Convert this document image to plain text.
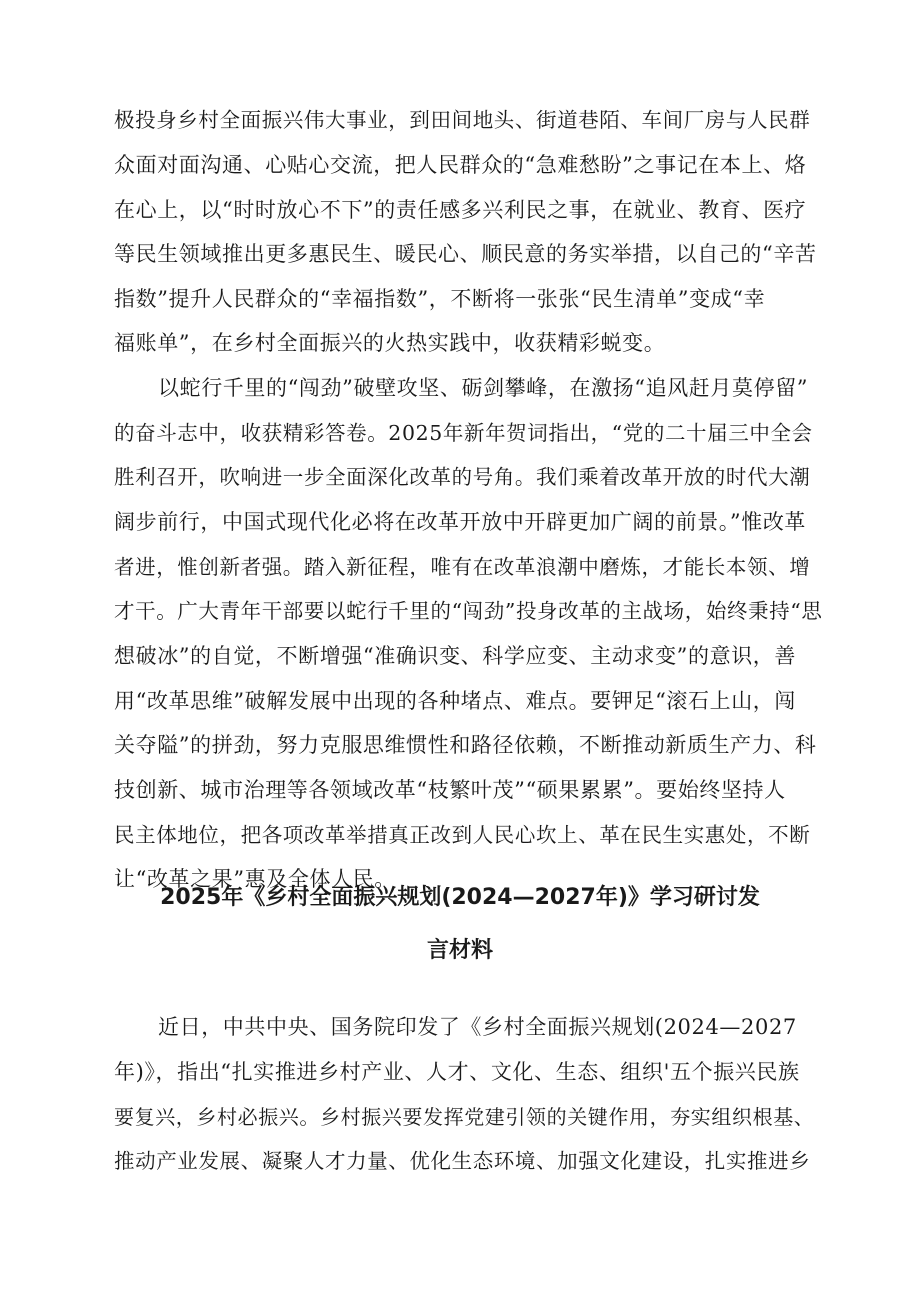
极投身乡村全面振兴伟大事业，到田间地头、街道巷陌、车间厂房与人民群
众面对面沟通、心贴心交流，把人民群众的“急难愁盼”之事记在本上、烙
在心上，以“时时放心不下”的责任感多兴利民之事，在就业、教育、医疗
等民生领域推出更多惠民生、暖民心、顺民意的务实举措，以自己的“辛苦
指数”提升人民群众的“幸福指数”，不断将一张张“民生清单”变成“幸
福账单”，在乡村全面振兴的火热实践中，收获精彩蜕变。
以蛇行千里的“闯劲”破壁攻坚、砺剑攀峰，在激扬“追风赶月莫停留”
的奋斗志中，收获精彩答卷。2025年新年贺词指出，“党的二十届三中全会
胜利召开，吹响进一步全面深化改革的号角。我们乘着改革开放的时代大潮
阔步前行，中国式现代化必将在改革开放中开辟更加广阔的前景。”惟改革
者进，惟创新者强。踏入新征程，唯有在改革浪潮中磨炼，才能长本领、增
才干。广大青年干部要以蛇行千里的“闯劲”投身改革的主战场，始终秉持“思
想破冰”的自觉，不断增强“准确识变、科学应变、主动求变”的意识，善
用“改革思维”破解发展中出现的各种堵点、难点。要钾足“滚石上山，闯
关夺隘”的拼劲，努力克服思维惯性和路径依赖，不断推动新质生产力、科
技创新、城市治理等各领域改革“枝繁叶茂”“硕果累累”。要始终坚持人
民主体地位，把各项改革举措真正改到人民心坎上、革在民生实惠处，不断
让“改革之果”惠及全体人民。
2025年《乡村全面振兴规划(2024—2027年)》学习研讨发
言材料
近日，中共中央、国务院印发了《乡村全面振兴规划(2024—2027
年)》，指出“扎实推进乡村产业、人才、文化、生态、组织'五个振兴民族
要复兴，乡村必振兴。乡村振兴要发挥党建引领的关键作用，夯实组织根基、
推动产业发展、凝聚人才力量、优化生态环境、加强文化建设，扎实推进乡
